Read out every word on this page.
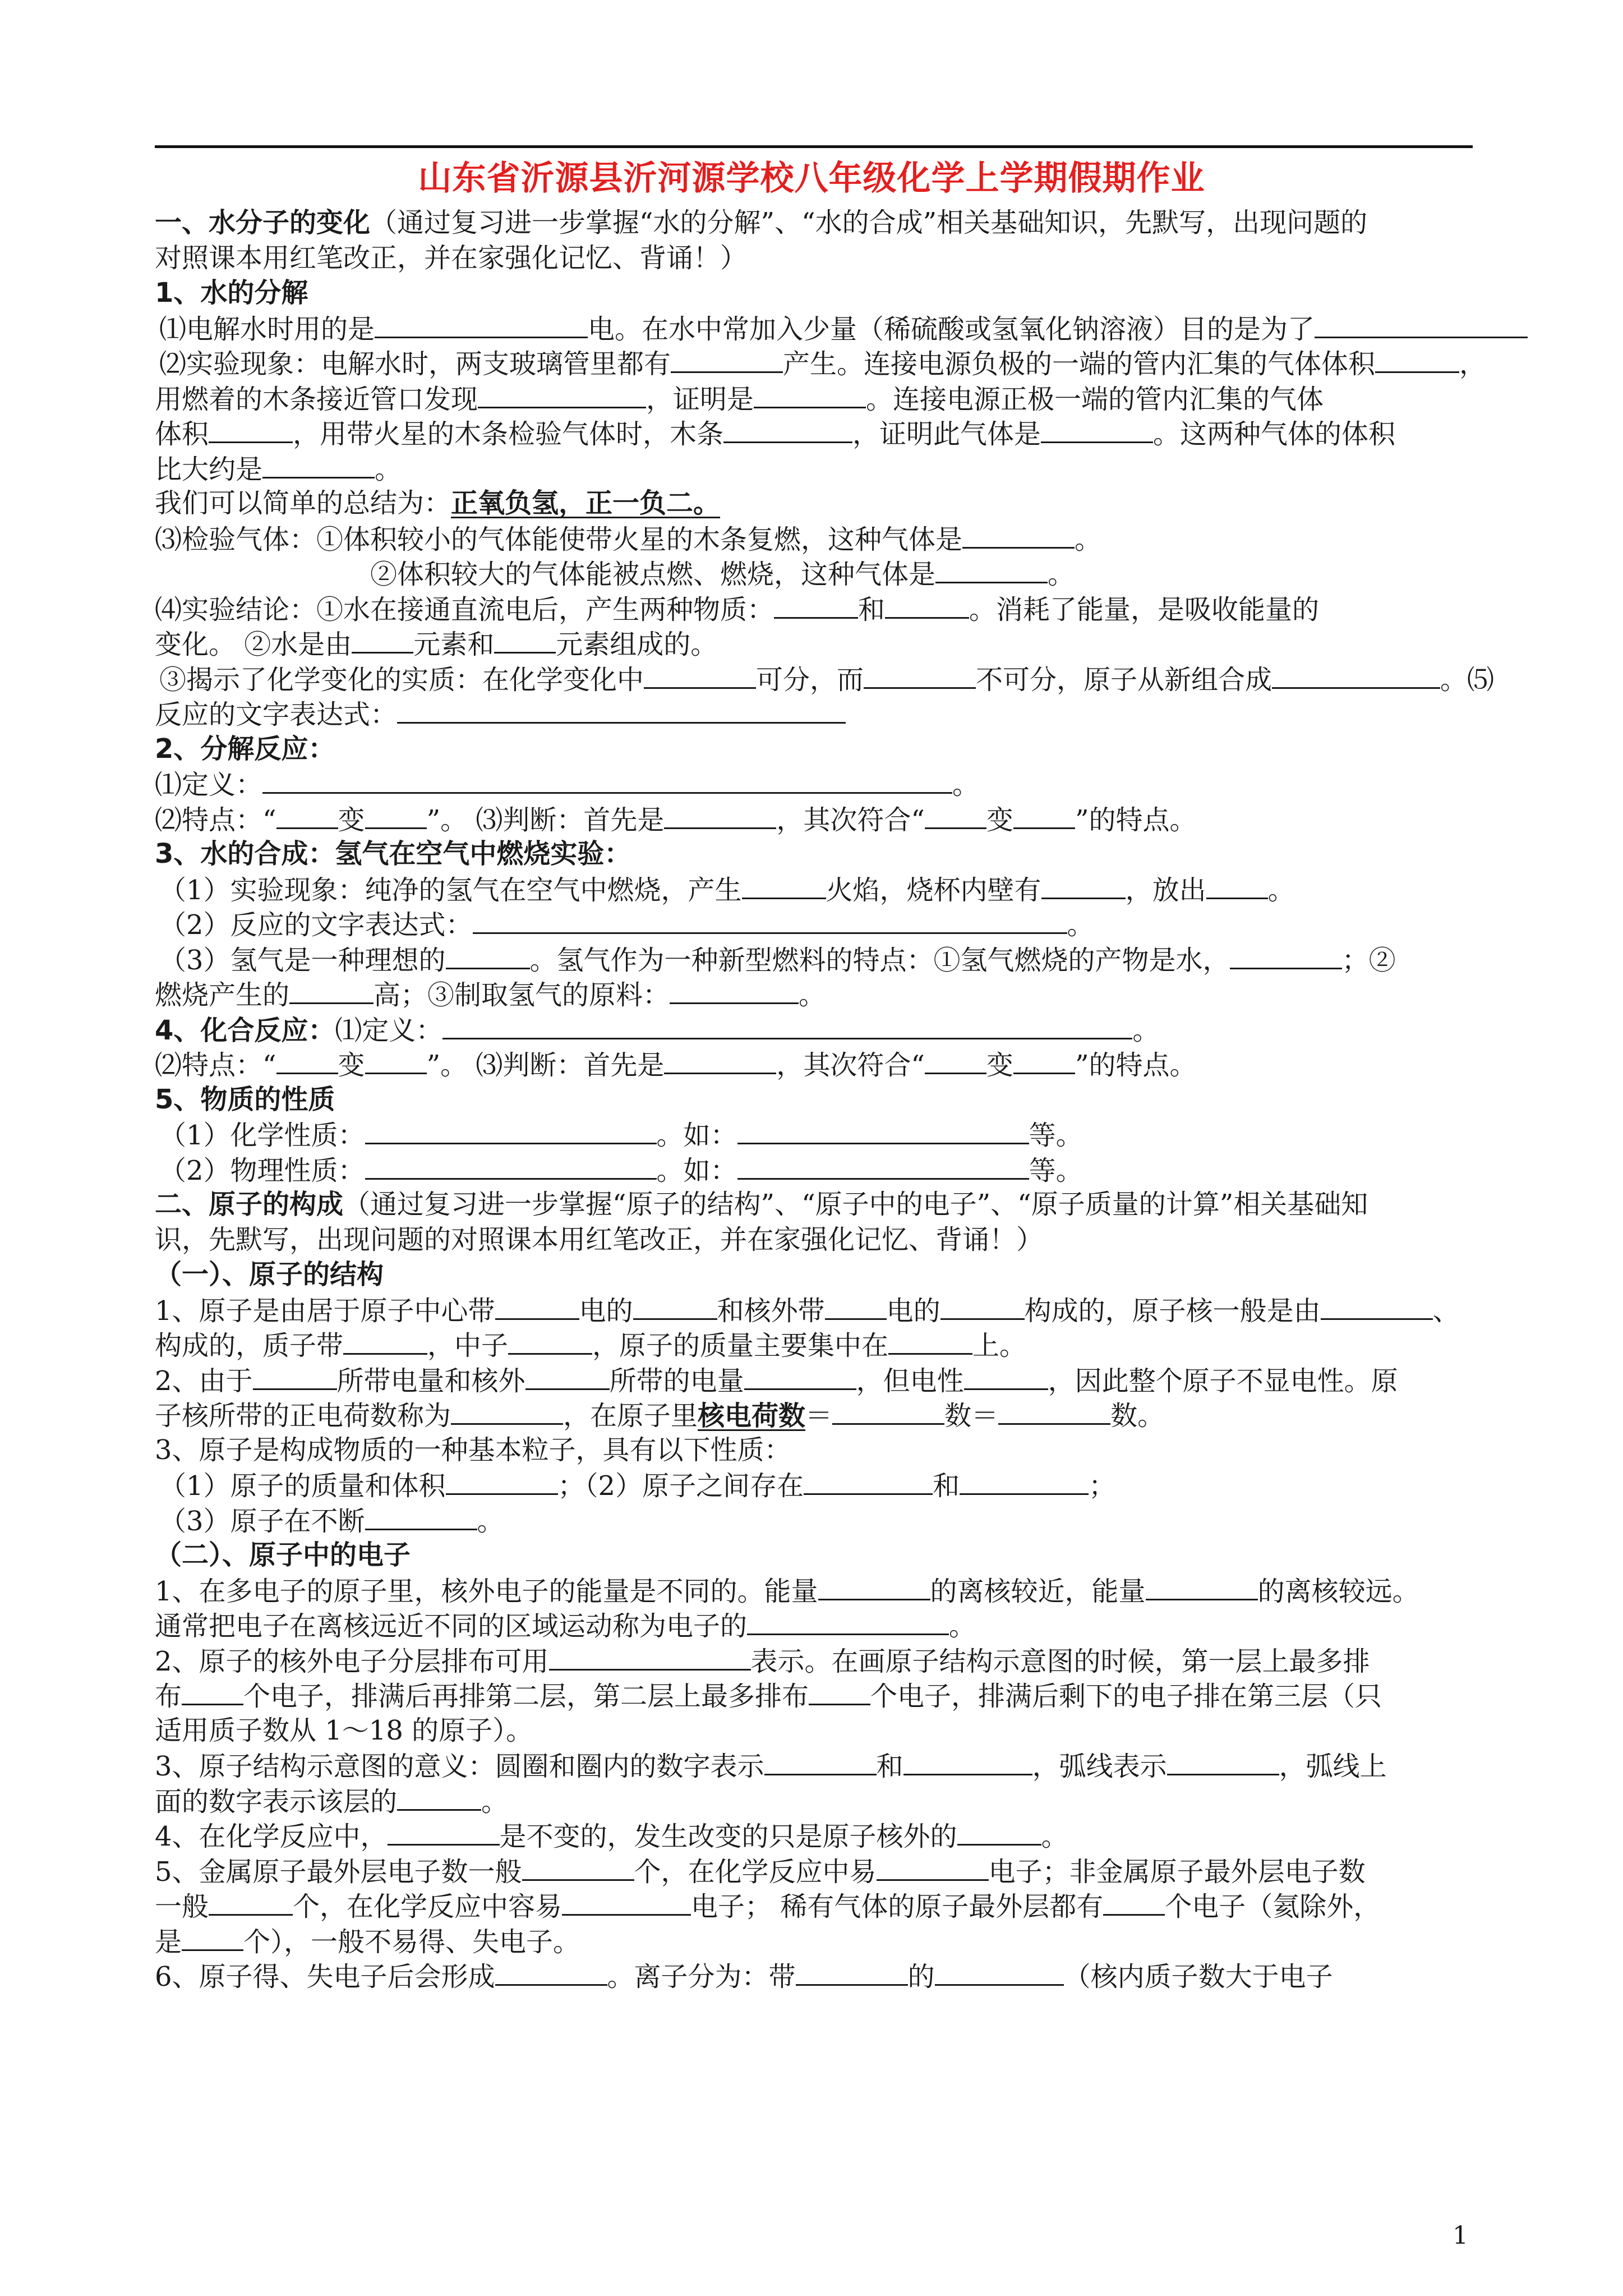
山东省沂源县沂河源学校八年级化学上学期假期作业
一、水分子的变化（通过复习进一步掌握“水的分解”、“水的合成”相关基础知识，先默写，出现问题的
对照课本用红笔改正，并在家强化记忆、背诵！）
1、水的分解
⑴电解水时用的是	电。在水中常加入少量（稀硫酸或氢氧化钠溶液）目的是为了
⑵实验现象：电解水时，两支玻璃管里都有	产生。连接电源负极的一端的管内汇集的气体体积	，
用燃着的木条接近管口发现	，证明是	。连接电源正极一端的管内汇集的气体
体积	，用带火星的木条检验气体时，木条	，证明此气体是	。这两种气体的体积
比大约是	。
我们可以简单的总结为：正氧负氢，正一负二。
⑶检验气体：①体积较小的气体能使带火星的木条复燃，这种气体是	。
②体积较大的气体能被点燃、燃烧，这种气体是	。
⑷实验结论：①水在接通直流电后，产生两种物质：	和	。消耗了能量，是吸收能量的
变化。 ②水是由 元素和 元素组成的。
③揭示了化学变化的实质：在化学变化中	可分，而	不可分，原子从新组合成	。⑸
反应的文字表达式：
2、分解反应：
⑴定义：	。
⑵特点：“ 变 ”。 ⑶判断：首先是	，其次符合“ 变 ”的特点。
3、水的合成：氢气在空气中燃烧实验：
（1）实验现象：纯净的氢气在空气中燃烧，产生	火焰，烧杯内壁有	，放出 。
（2）反应的文字表达式：	。
（3）氢气是一种理想的	。氢气作为一种新型燃料的特点：①氢气燃烧的产物是水，	；②
燃烧产生的	高；③制取氢气的原料：	。
4、化合反应：⑴定义：	。
⑵特点：“ 变 ”。 ⑶判断：首先是	，其次符合“ 变 ”的特点。
5、物质的性质
（1）化学性质：	。如：	等。
（2）物理性质：	。如：	等。
二、原子的构成（通过复习进一步掌握“原子的结构”、“原子中的电子”、“原子质量的计算”相关基础知
识，先默写，出现问题的对照课本用红笔改正，并在家强化记忆、背诵！）
（一）、原子的结构
1、原子是由居于原子中心带	电的	和核外带 电的	构成的，原子核一般是由	、
构成的，质子带	，中子	，原子的质量主要集中在	上。
2、由于	所带电量和核外	所带的电量	，但电性	，因此整个原子不显电性。原
子核所带的正电荷数称为	，在原子里核电荷数＝	数＝	数。
3、原子是构成物质的一种基本粒子，具有以下性质：
（1）原子的质量和体积	；（2）原子之间存在	和	；
（3）原子在不断	。
（二）、原子中的电子
1、在多电子的原子里，核外电子的能量是不同的。能量	的离核较近，能量	的离核较远。
通常把电子在离核远近不同的区域运动称为电子的	。
2、原子的核外电子分层排布可用	表示。在画原子结构示意图的时候，第一层上最多排
布 个电子，排满后再排第二层，第二层上最多排布 个电子，排满后剩下的电子排在第三层（只
适用质子数从 1～18 的原子）。
3、原子结构示意图的意义：圆圈和圈内的数字表示	和	，弧线表示	，弧线上
面的数字表示该层的	。
4、在化学反应中，	是不变的，发生改变的只是原子核外的	。
5、金属原子最外层电子数一般	个，在化学反应中易	电子；非金属原子最外层电子数
一般	个，在化学反应中容易	电子； 稀有气体的原子最外层都有 个电子（氦除外，
是 个），一般不易得、失电子。
6、原子得、失电子后会形成	。离子分为：带	的	（核内质子数大于电子
1
